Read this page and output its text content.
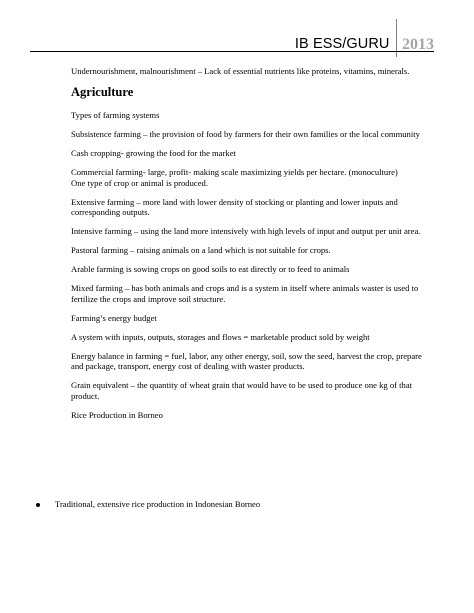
IB ESS/GURU 2013

Undernourishment, malnourishment – Lack of essential nutrients like proteins, vitamins, minerals.

Agriculture

Types of farming systems

Subsistence farming – the provision of food by farmers for their own families or the local community

Cash cropping- growing the food for the market

Commercial farming- large, profit- making scale maximizing yields per hectare. (monoculture)
One type of crop or animal is produced.

Extensive farming – more land with lower density of stocking or planting and lower inputs and corresponding outputs.

Intensive farming – using the land more intensively with high levels of input and output per unit area.

Pastoral farming – raising animals on a land which is not suitable for crops.

Arable farming is sowing crops on good soils to eat directly or to feed to animals

Mixed farming – has both animals and crops and is a system in itself where animals waster is used to fertilize the crops and improve soil structure.

Farming’s energy budget

A system with inputs, outputs, storages and flows = marketable product sold by weight

Energy balance in farming = fuel, labor, any other energy, soil, sow the seed, harvest the crop, prepare and package, transport, energy cost of dealing with waster products.

Grain equivalent – the quantity of wheat grain that would have to be used to produce one kg of that product.

Rice Production in Borneo

Traditional, extensive rice production in Indonesian Borneo
